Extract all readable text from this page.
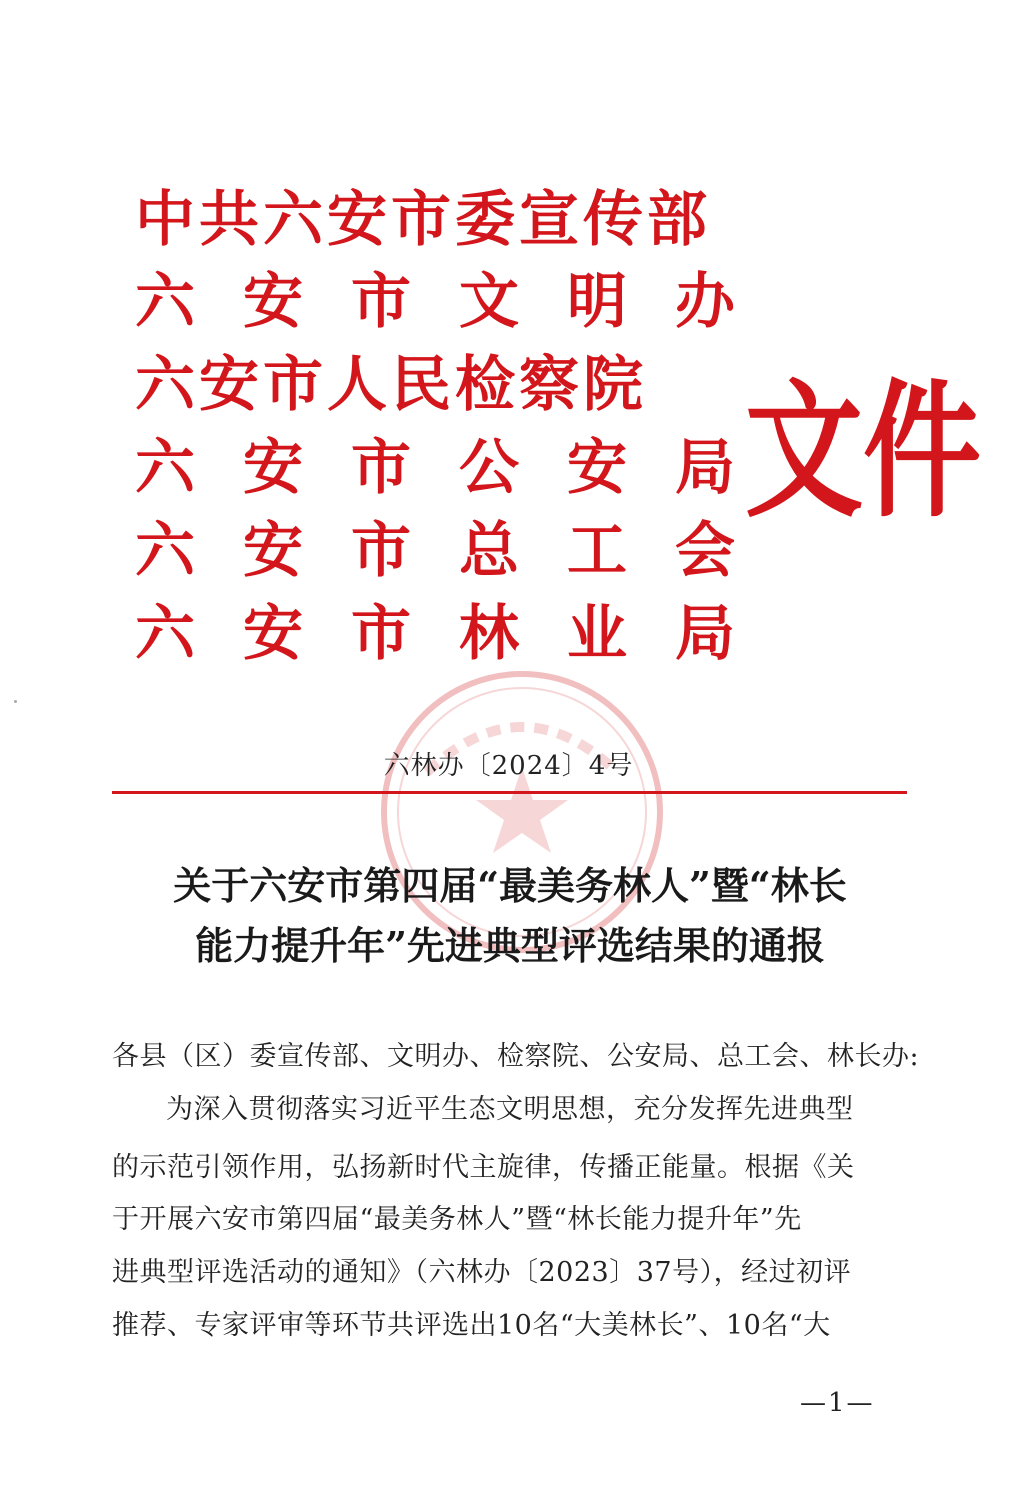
中共六安市委宣传部
六 安 市 文 明 办
六安市人民检察院
六 安 市 公 安 局
六 安 市 总 工 会
六 安 市 林 业 局
文件
六林办〔2024〕4号
关于六安市第四届“最美务林人”暨“林长
能力提升年”先进典型评选结果的通报
各县（区）委宣传部、文明办、检察院、公安局、总工会、林长办:
为深入贯彻落实习近平生态文明思想，充分发挥先进典型
的示范引领作用，弘扬新时代主旋律，传播正能量。根据《关
于开展六安市第四届“最美务林人”暨“林长能力提升年”先
进典型评选活动的通知》（六林办〔2023〕37号），经过初评
推荐、专家评审等环节共评选出10名“大美林长”、10名“大
—1—
